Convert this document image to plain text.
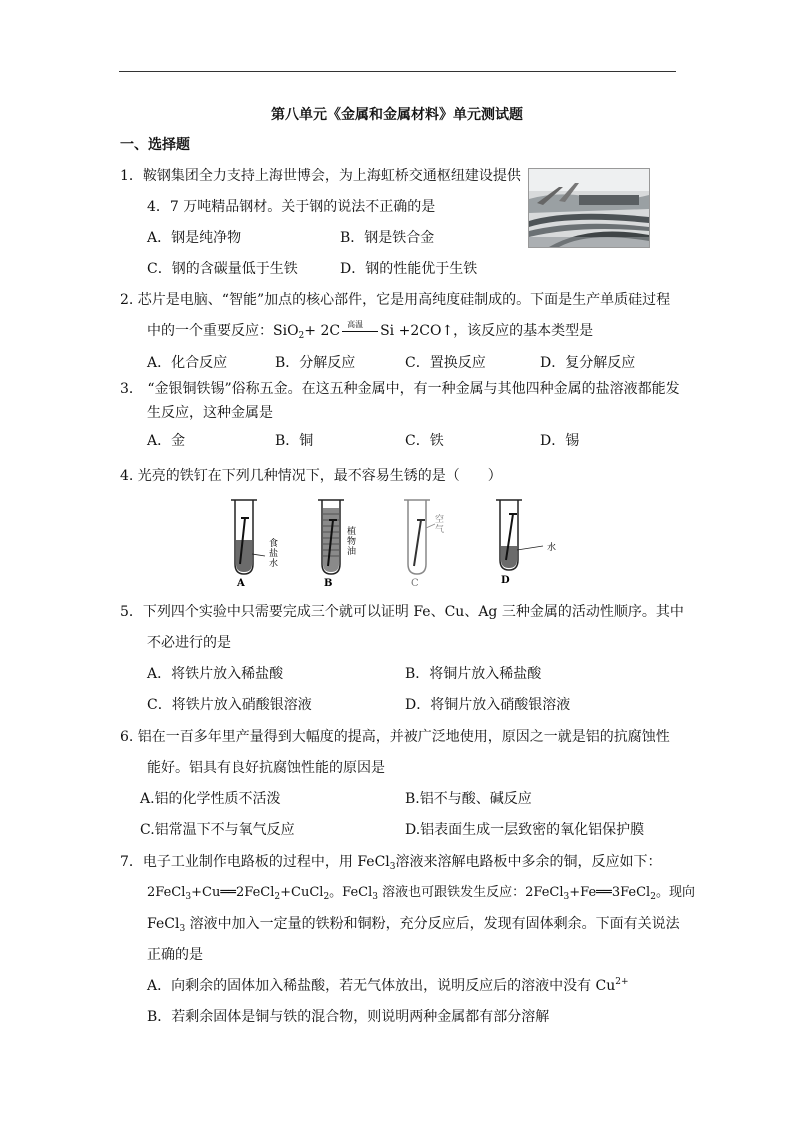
第八单元《金属和金属材料》单元测试题
一、选择题
1．鞍钢集团全力支持上海世博会，为上海虹桥交通枢纽建设提供
4．7 万吨精品钢材。关于钢的说法不正确的是
A．钢是纯净物	B．钢是铁合金
C．钢的含碳量低于生铁	D．钢的性能优于生铁
2. 芯片是电脑、“智能”加点的核心部件，它是用高纯度硅制成的。下面是生产单质硅过程
中的一个重要反应：SiO$_2$+ 2C 高温 Si +2CO↑，该反应的基本类型是
A．化合反应	B．分解反应	C．置换反应	D．复分解反应
3． “金银铜铁锡”俗称五金。在这五种金属中，有一种金属与其他四种金属的盐溶液都能发
生反应，这种金属是
A．金	B．铜	C．铁	D．锡
4. 光亮的铁钉在下列几种情况下，最不容易生锈的是（　　）
A
食
盐
水
B
植
物
油
C
空
气
D
水
5．下列四个实验中只需要完成三个就可以证明 Fe、Cu、Ag 三种金属的活动性顺序。其中
不必进行的是
A．将铁片放入稀盐酸	B．将铜片放入稀盐酸
C．将铁片放入硝酸银溶液	D．将铜片放入硝酸银溶液
6. 铝在一百多年里产量得到大幅度的提高，并被广泛地使用，原因之一就是铝的抗腐蚀性
能好。铝具有良好抗腐蚀性能的原因是
A.铝的化学性质不活泼	B.铝不与酸、碱反应
C.铝常温下不与氧气反应	D.铝表面生成一层致密的氧化铝保护膜
7．电子工业制作电路板的过程中，用 FeCl$_3$溶液来溶解电路板中多余的铜，反应如下：
2FeCl$_3$+Cu══2FeCl$_2$+CuCl$_2$。FeCl$_3$ 溶液也可跟铁发生反应：2FeCl$_3$+Fe══3FeCl$_2$。现向
FeCl$_3$ 溶液中加入一定量的铁粉和铜粉，充分反应后，发现有固体剩余。下面有关说法
正确的是
A．向剩余的固体加入稀盐酸，若无气体放出，说明反应后的溶液中没有 $Cu^{2+}$
B．若剩余固体是铜与铁的混合物，则说明两种金属都有部分溶解
